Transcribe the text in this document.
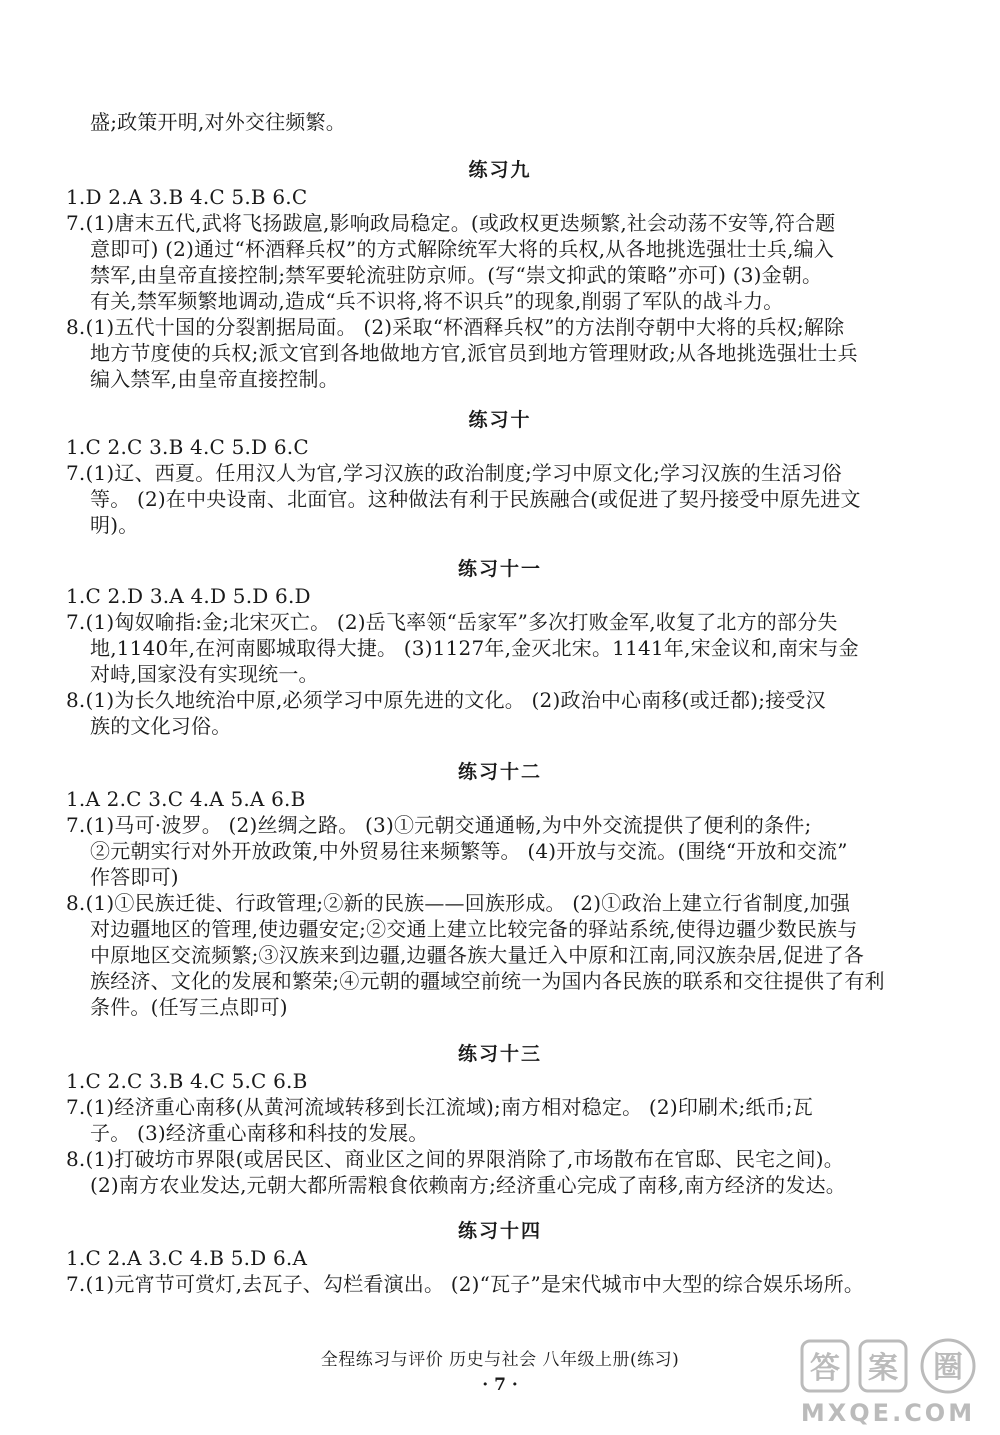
盛;政策开明,对外交往频繁。
练习九
1.D 2.A 3.B 4.C 5.B 6.C
7.(1)唐末五代,武将飞扬跋扈,影响政局稳定。(或政权更迭频繁,社会动荡不安等,符合题
意即可) (2)通过“杯酒释兵权”的方式解除统军大将的兵权,从各地挑选强壮士兵,编入
禁军,由皇帝直接控制;禁军要轮流驻防京师。(写“崇文抑武的策略”亦可) (3)金朝。
有关,禁军频繁地调动,造成“兵不识将,将不识兵”的现象,削弱了军队的战斗力。
8.(1)五代十国的分裂割据局面。 (2)采取“杯酒释兵权”的方法削夺朝中大将的兵权;解除
地方节度使的兵权;派文官到各地做地方官,派官员到地方管理财政;从各地挑选强壮士兵
编入禁军,由皇帝直接控制。
练习十
1.C 2.C 3.B 4.C 5.D 6.C
7.(1)辽、西夏。任用汉人为官,学习汉族的政治制度;学习中原文化;学习汉族的生活习俗
等。 (2)在中央设南、北面官。这种做法有利于民族融合(或促进了契丹接受中原先进文
明)。
练习十一
1.C 2.D 3.A 4.D 5.D 6.D
7.(1)匈奴喻指:金;北宋灭亡。 (2)岳飞率领“岳家军”多次打败金军,收复了北方的部分失
地,1140年,在河南郾城取得大捷。 (3)1127年,金灭北宋。1141年,宋金议和,南宋与金
对峙,国家没有实现统一。
8.(1)为长久地统治中原,必须学习中原先进的文化。 (2)政治中心南移(或迁都);接受汉
族的文化习俗。
练习十二
1.A 2.C 3.C 4.A 5.A 6.B
7.(1)马可·波罗。 (2)丝绸之路。 (3)①元朝交通通畅,为中外交流提供了便利的条件;
②元朝实行对外开放政策,中外贸易往来频繁等。 (4)开放与交流。(围绕“开放和交流”
作答即可)
8.(1)①民族迁徙、行政管理;②新的民族——回族形成。 (2)①政治上建立行省制度,加强
对边疆地区的管理,使边疆安定;②交通上建立比较完备的驿站系统,使得边疆少数民族与
中原地区交流频繁;③汉族来到边疆,边疆各族大量迁入中原和江南,同汉族杂居,促进了各
族经济、文化的发展和繁荣;④元朝的疆域空前统一为国内各民族的联系和交往提供了有利
条件。(任写三点即可)
练习十三
1.C 2.C 3.B 4.C 5.C 6.B
7.(1)经济重心南移(从黄河流域转移到长江流域);南方相对稳定。 (2)印刷术;纸币;瓦
子。 (3)经济重心南移和科技的发展。
8.(1)打破坊市界限(或居民区、商业区之间的界限消除了,市场散布在官邸、民宅之间)。
(2)南方农业发达,元朝大都所需粮食依赖南方;经济重心完成了南移,南方经济的发达。
练习十四
1.C 2.A 3.C 4.B 5.D 6.A
7.(1)元宵节可赏灯,去瓦子、勾栏看演出。 (2)“瓦子”是宋代城市中大型的综合娱乐场所。
全程练习与评价 历史与社会 八年级上册(练习)
· 7 ·	答 案 圈
MXQE.COM
